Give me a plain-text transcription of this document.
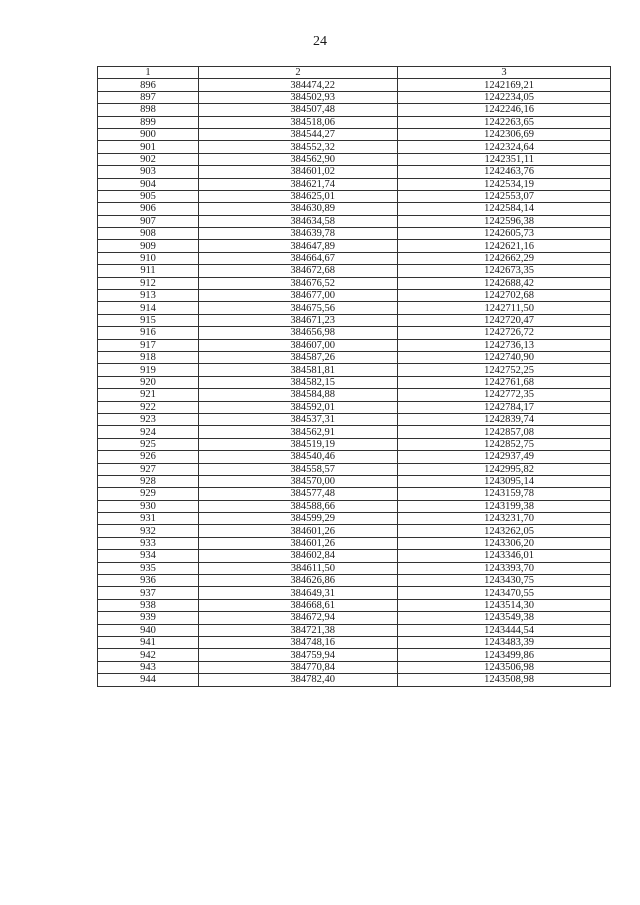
24
1	2	3
896	384474,22	1242169,21
897	384502,93	1242234,05
898	384507,48	1242246,16
899	384518,06	1242263,65
900	384544,27	1242306,69
901	384552,32	1242324,64
902	384562,90	1242351,11
903	384601,02	1242463,76
904	384621,74	1242534,19
905	384625,01	1242553,07
906	384630,89	1242584,14
907	384634,58	1242596,38
908	384639,78	1242605,73
909	384647,89	1242621,16
910	384664,67	1242662,29
911	384672,68	1242673,35
912	384676,52	1242688,42
913	384677,00	1242702,68
914	384675,56	1242711,50
915	384671,23	1242720,47
916	384656,98	1242726,72
917	384607,00	1242736,13
918	384587,26	1242740,90
919	384581,81	1242752,25
920	384582,15	1242761,68
921	384584,88	1242772,35
922	384592,01	1242784,17
923	384537,31	1242839,74
924	384562,91	1242857,08
925	384519,19	1242852,75
926	384540,46	1242937,49
927	384558,57	1242995,82
928	384570,00	1243095,14
929	384577,48	1243159,78
930	384588,66	1243199,38
931	384599,29	1243231,70
932	384601,26	1243262,05
933	384601,26	1243306,20
934	384602,84	1243346,01
935	384611,50	1243393,70
936	384626,86	1243430,75
937	384649,31	1243470,55
938	384668,61	1243514,30
939	384672,94	1243549,38
940	384721,38	1243444,54
941	384748,16	1243483,39
942	384759,94	1243499,86
943	384770,84	1243506,98
944	384782,40	1243508,98
